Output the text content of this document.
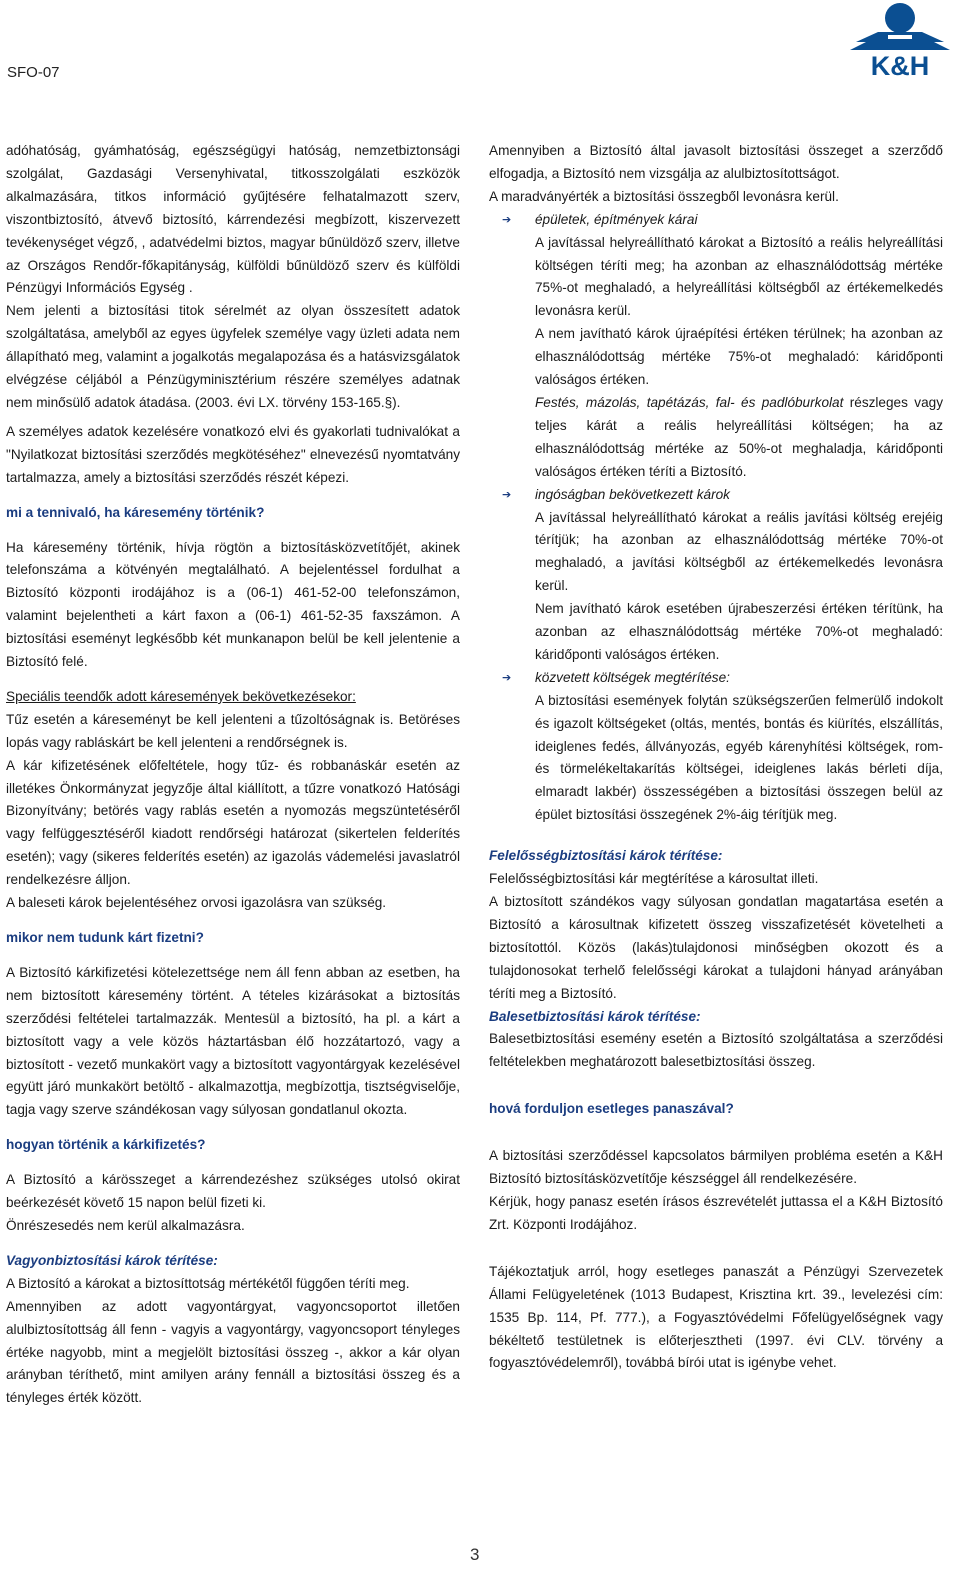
SFO-07	K&H

adóhatóság, gyámhatóság, egészségügyi hatóság, nemzetbiztonsági szolgálat, Gazdasági Versenyhivatal, titkosszolgálati eszközök alkalmazására, titkos információ gyűjtésére felhatalmazott szerv, viszontbiztosító, átvevő biztosító, kárrendezési megbízott, kiszervezett tevékenységet végző, , adatvédelmi biztos, magyar bűnüldöző szerv, illetve az Országos Rendőr-főkapitányság, külföldi bűnüldöző szerv és külföldi Pénzügyi Információs Egység .

Nem jelenti a biztosítási titok sérelmét az olyan összesített adatok szolgáltatása, amelyből az egyes ügyfelek személye vagy üzleti adata nem állapítható meg, valamint a jogalkotás megalapozása és a hatásvizsgálatok elvégzése céljából a Pénzügyminisztérium részére személyes adatnak nem minősülő adatok átadása. (2003. évi LX. törvény 153-165.§).

A személyes adatok kezelésére vonatkozó elvi és gyakorlati tudnivalókat a "Nyilatkozat biztosítási szerződés megkötéséhez" elnevezésű nyomtatvány tartalmazza, amely a biztosítási szerződés részét képezi.

mi a tennivaló, ha káresemény történik?

Ha káresemény történik, hívja rögtön a biztosításközvetítőjét, akinek telefonszáma a kötvényén megtalálható. A bejelentéssel fordulhat a Biztosító központi irodájához is a (06-1) 461-52-00 telefonszámon, valamint bejelentheti a kárt faxon a (06-1) 461-52-35 faxszámon. A biztosítási eseményt legkésőbb két munkanapon belül be kell jelentenie a Biztosító felé.

Speciális teendők adott káresemények bekövetkezésekor:

Tűz esetén a káreseményt be kell jelenteni a tűzoltóságnak is. Betöréses lopás vagy rabláskárt be kell jelenteni a rendőrségnek is.

A kár kifizetésének előfeltétele, hogy tűz- és robbanáskár esetén az illetékes Önkormányzat jegyzője által kiállított, a tűzre vonatkozó Hatósági Bizonyítvány; betörés vagy rablás esetén a nyomozás megszüntetéséről vagy felfüggesztéséről kiadott rendőrségi határozat (sikertelen felderítés esetén); vagy (sikeres felderítés esetén) az igazolás vádemelési javaslatról rendelkezésre álljon.

A baleseti károk bejelentéséhez orvosi igazolásra van szükség.

mikor nem tudunk kárt fizetni?

A Biztosító kárkifizetési kötelezettsége nem áll fenn abban az esetben, ha nem biztosított káresemény történt. A tételes kizárásokat a biztosítás szerződési feltételei tartalmazzák. Mentesül a biztosító, ha pl. a kárt a biztosított vagy a vele közös háztartásban élő hozzátartozó, vagy a biztosított - vezető munkakört vagy a biztosított vagyontárgyak kezelésével együtt járó munkakört betöltő - alkalmazottja, megbízottja, tisztségviselője, tagja vagy szerve szándékosan vagy súlyosan gondatlanul okozta.

hogyan történik a kárkifizetés?

A Biztosító a kárösszeget a kárrendezéshez szükséges utolsó okirat beérkezését követő 15 napon belül fizeti ki.

Önrészesedés nem kerül alkalmazásra.

Vagyonbiztosítási károk térítése:

A Biztosító a károkat a biztosíttotság mértékétől függően téríti meg.

Amennyiben az adott vagyontárgyat, vagyoncsoportot illetően alulbiztosítottság áll fenn - vagyis a vagyontárgy, vagyoncsoport tényleges értéke nagyobb, mint a megjelölt biztosítási összeg -, akkor a kár olyan arányban téríthető, mint amilyen arány fennáll a biztosítási összeg és a tényleges érték között.

Amennyiben a Biztosító által javasolt biztosítási összeget a szerződő elfogadja, a Biztosító nem vizsgálja az alulbiztosítottságot.

A maradványérték a biztosítási összegből levonásra kerül.

➔ épületek, építmények kárai

A javítással helyreállítható károkat a Biztosító a reális helyreállítási költségen téríti meg; ha azonban az elhasználódottság mértéke 75%-ot meghaladó, a helyreállítási költségből az értékemelkedés levonásra kerül.

A nem javítható károk újraépítési értéken térülnek; ha azonban az elhasználódottság mértéke 75%-ot meghaladó: káridőponti valóságos értéken.

Festés, mázolás, tapétázás, fal- és padlóburkolat részleges vagy teljes kárát a reális helyreállítási költségen; ha az elhasználódottság mértéke az 50%-ot meghaladja, káridőponti valóságos értéken téríti a Biztosító.

➔ ingóságban bekövetkezett károk

A javítással helyreállítható károkat a reális javítási költség erejéig térítjük; ha azonban az elhasználódottság mértéke 70%-ot meghaladó, a javítási költségből az értékemelkedés levonásra kerül.

Nem javítható károk esetében újrabeszerzési értéken térítünk, ha azonban az elhasználódottság mértéke 70%-ot meghaladó: káridőponti valóságos értéken.

➔ közvetett költségek megtérítése:

A biztosítási események folytán szükségszerűen felmerülő indokolt és igazolt költségeket (oltás, mentés, bontás és kiürítés, elszállítás, ideiglenes fedés, állványozás, egyéb kárenyhítési költségek, rom- és törmelékeltakarítás költségei, ideiglenes lakás bérleti díja, elmaradt lakbér) összességében a biztosítási összegen belül az épület biztosítási összegének 2%-áig térítjük meg.

Felelősségbiztosítási károk térítése:

Felelősségbiztosítási kár megtérítése a károsultat illeti.

A biztosított szándékos vagy súlyosan gondatlan magatartása esetén a Biztosító a károsultnak kifizetett összeg visszafizetését követelheti a biztosítottól. Közös (lakás)tulajdonosi minőségben okozott és a tulajdonosokat terhelő felelősségi károkat a tulajdoni hányad arányában téríti meg a Biztosító.

Balesetbiztosítási károk térítése:

Balesetbiztosítási esemény esetén a Biztosító szolgáltatása a szerződési feltételekben meghatározott balesetbiztosítási összeg.

hová forduljon esetleges panaszával?

A biztosítási szerződéssel kapcsolatos bármilyen probléma esetén a K&H Biztosító biztosításközvetítője készséggel áll rendelkezésére.

Kérjük, hogy panasz esetén írásos észrevételét juttassa el a K&H Biztosító Zrt. Központi Irodájához.

Tájékoztatjuk arról, hogy esetleges panaszát a Pénzügyi Szervezetek Állami Felügyeletének (1013 Budapest, Krisztina krt. 39., levelezési cím: 1535 Bp. 114, Pf. 777.), a Fogyasztóvédelmi Főfelügyelőségnek vagy békéltető testületnek is előterjesztheti (1997. évi CLV. törvény a fogyasztóvédelemről), továbbá bírói utat is igénybe vehet.

3
